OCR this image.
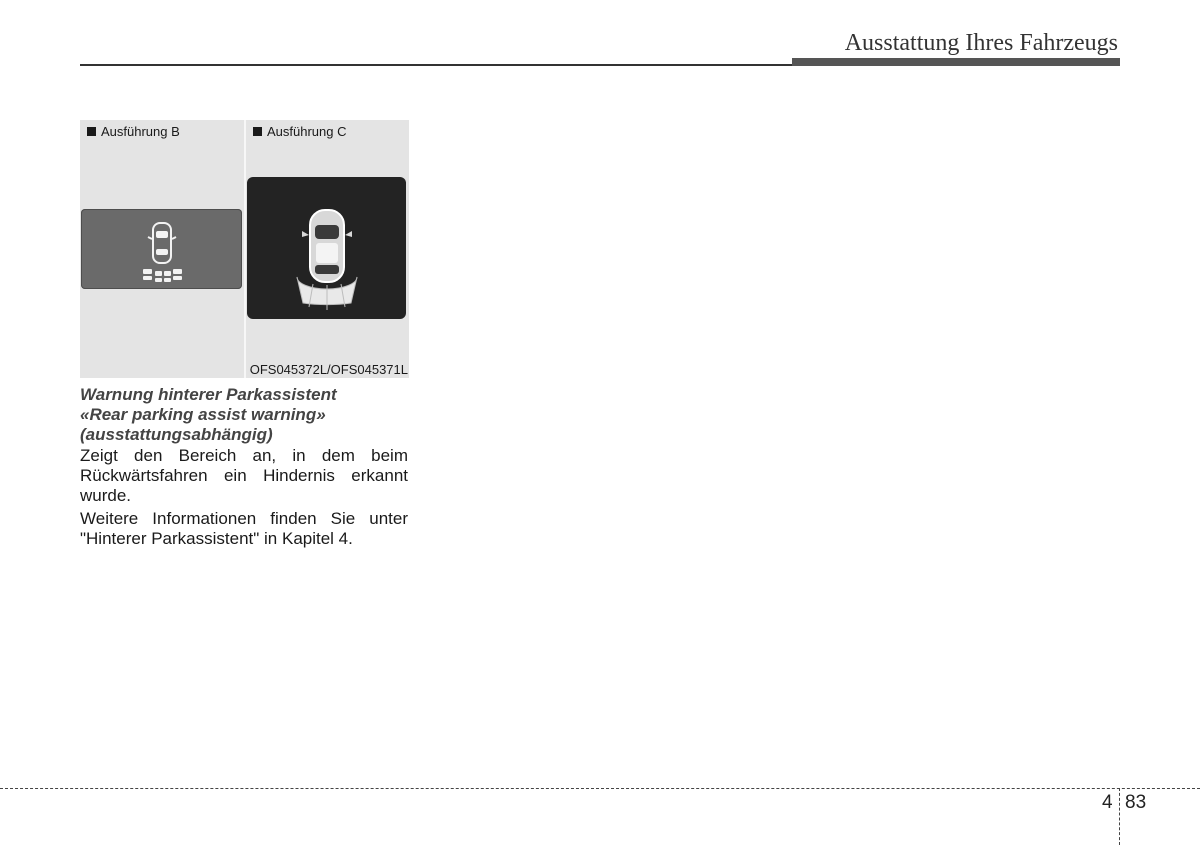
Ausstattung Ihres Fahrzeugs
Ausführung B	Ausführung C
OFS045372L/OFS045371L
Warnung hinterer Parkassistent
«Rear parking assist warning»
(ausstattungsabhängig)
Zeigt den Bereich an, in dem beim Rückwärtsfahren ein Hindernis erkannt wurde.
Weitere Informationen finden Sie unter "Hinterer Parkassistent" in Kapitel 4.
4 83
